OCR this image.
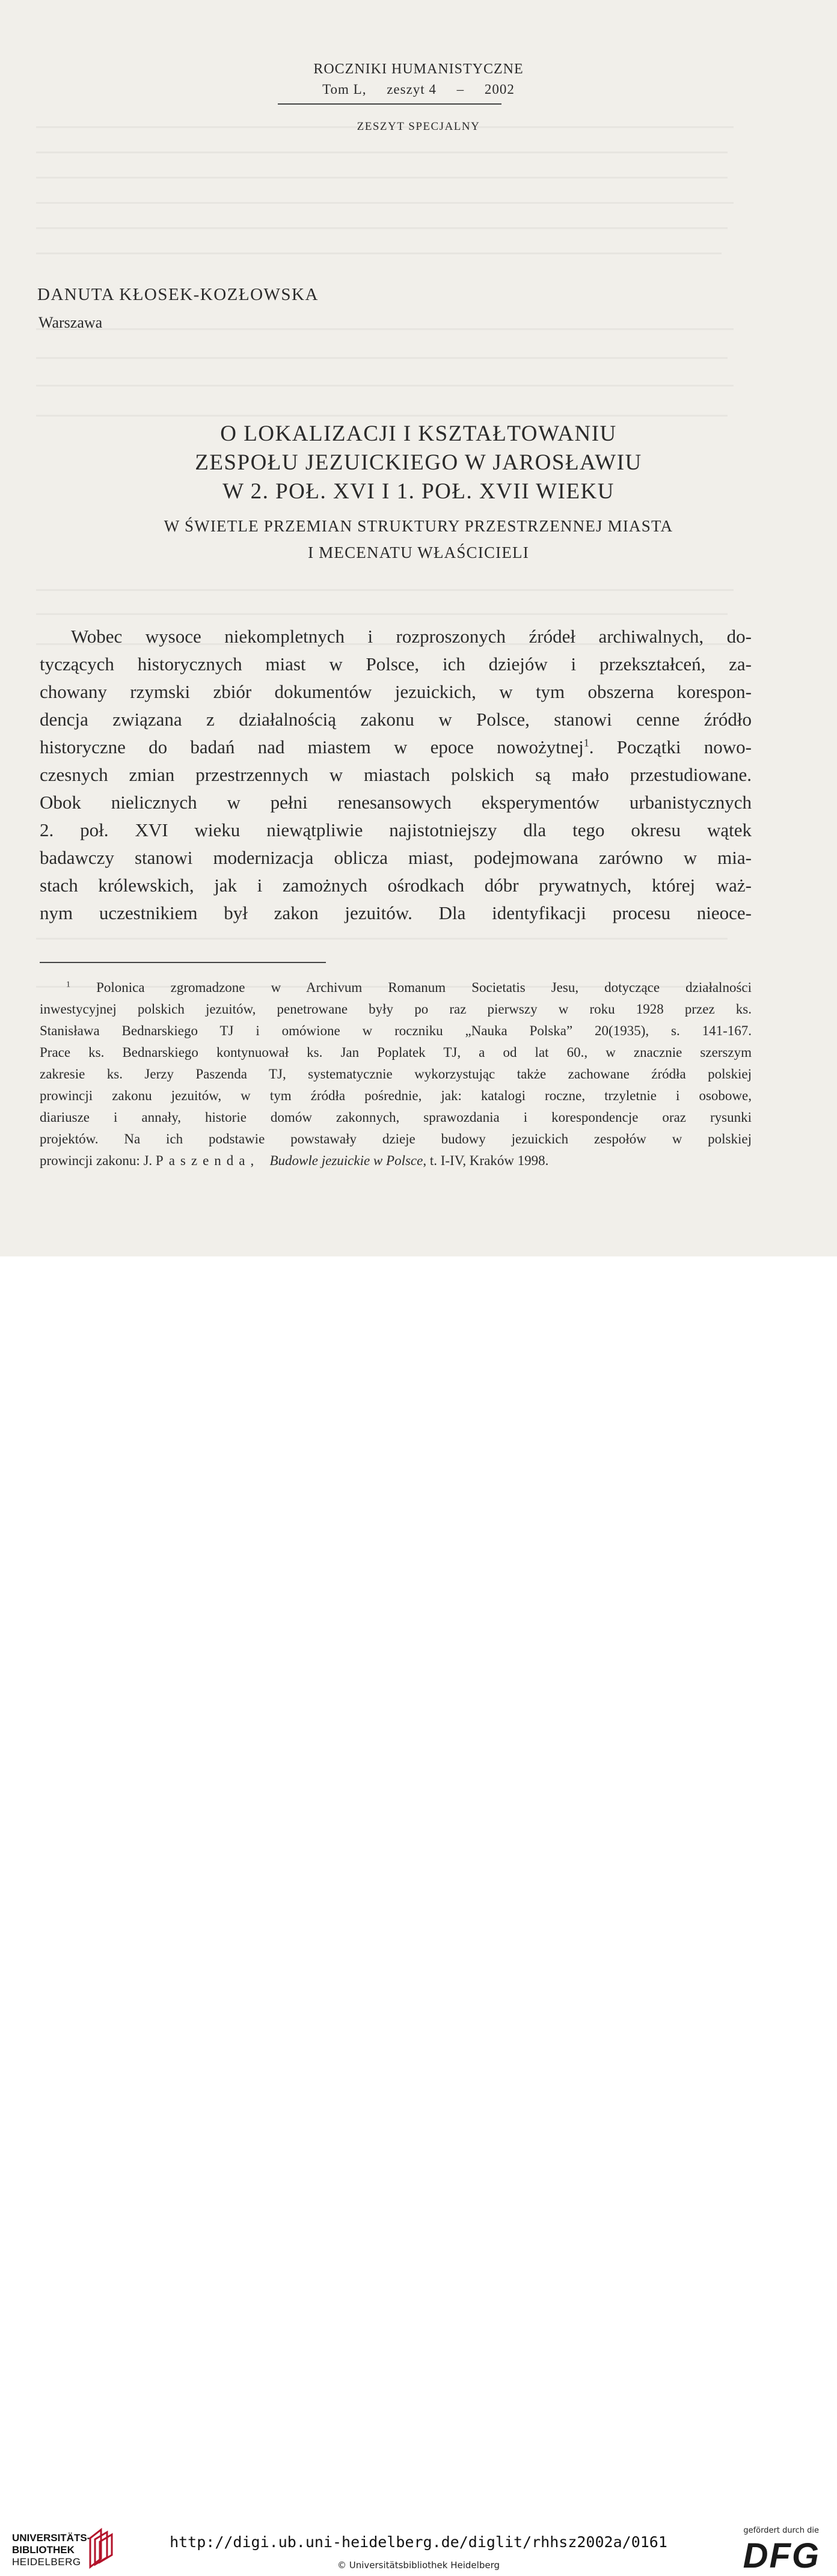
ROCZNIKI HUMANISTYCZNE
Tom L, zeszyt 4 – 2002
ZESZYT SPECJALNY
DANUTA KŁOSEK-KOZŁOWSKA
Warszawa
O LOKALIZACJI I KSZTAŁTOWANIU
ZESPOŁU JEZUICKIEGO W JAROSŁAWIU
W 2. POŁ. XVI I 1. POŁ. XVII WIEKU
W ŚWIETLE PRZEMIAN STRUKTURY PRZESTRZENNEJ MIASTA
I MECENATU WŁAŚCICIELI
Wobec wysoce niekompletnych i rozproszonych źródeł archiwalnych, do-
tyczących historycznych miast w Polsce, ich dziejów i przekształceń, za-
chowany rzymski zbiór dokumentów jezuickich, w tym obszerna korespon-
dencja związana z działalnością zakonu w Polsce, stanowi cenne źródło
historyczne do badań nad miastem w epoce nowożytnej$^1$. Początki nowo-
czesnych zmian przestrzennych w miastach polskich są mało przestudiowane.
Obok nielicznych w pełni renesansowych eksperymentów urbanistycznych
2. poł. XVI wieku niewątpliwie najistotniejszy dla tego okresu wątek
badawczy stanowi modernizacja oblicza miast, podejmowana zarówno w mia-
stach królewskich, jak i zamożnych ośrodkach dóbr prywatnych, której waż-
nym uczestnikiem był zakon jezuitów. Dla identyfikacji procesu nieoce-
$^1$ Polonica zgromadzone w Archivum Romanum Societatis Jesu, dotyczące działalności
inwestycyjnej polskich jezuitów, penetrowane były po raz pierwszy w roku 1928 przez ks.
Stanisława Bednarskiego TJ i omówione w roczniku „Nauka Polska” 20(1935), s. 141-167.
Prace ks. Bednarskiego kontynuował ks. Jan Poplatek TJ, a od lat 60., w znacznie szerszym
zakresie ks. Jerzy Paszenda TJ, systematycznie wykorzystując także zachowane źródła polskiej
prowincji zakonu jezuitów, w tym źródła pośrednie, jak: katalogi roczne, trzyletnie i osobowe,
diariusze i annały, historie domów zakonnych, sprawozdania i korespondencje oraz rysunki
projektów. Na ich podstawie powstawały dzieje budowy jezuickich zespołów w polskiej
prowincji zakonu: J. Paszenda, Budowle jezuickie w Polsce, t. I-IV, Kraków 1998.
UNIVERSITÄTS-
BIBLIOTHEK
HEIDELBERG
http://digi.ub.uni-heidelberg.de/diglit/rhhsz2002a/0161
© Universitätsbibliothek Heidelberg
gefördert durch die
DFG
